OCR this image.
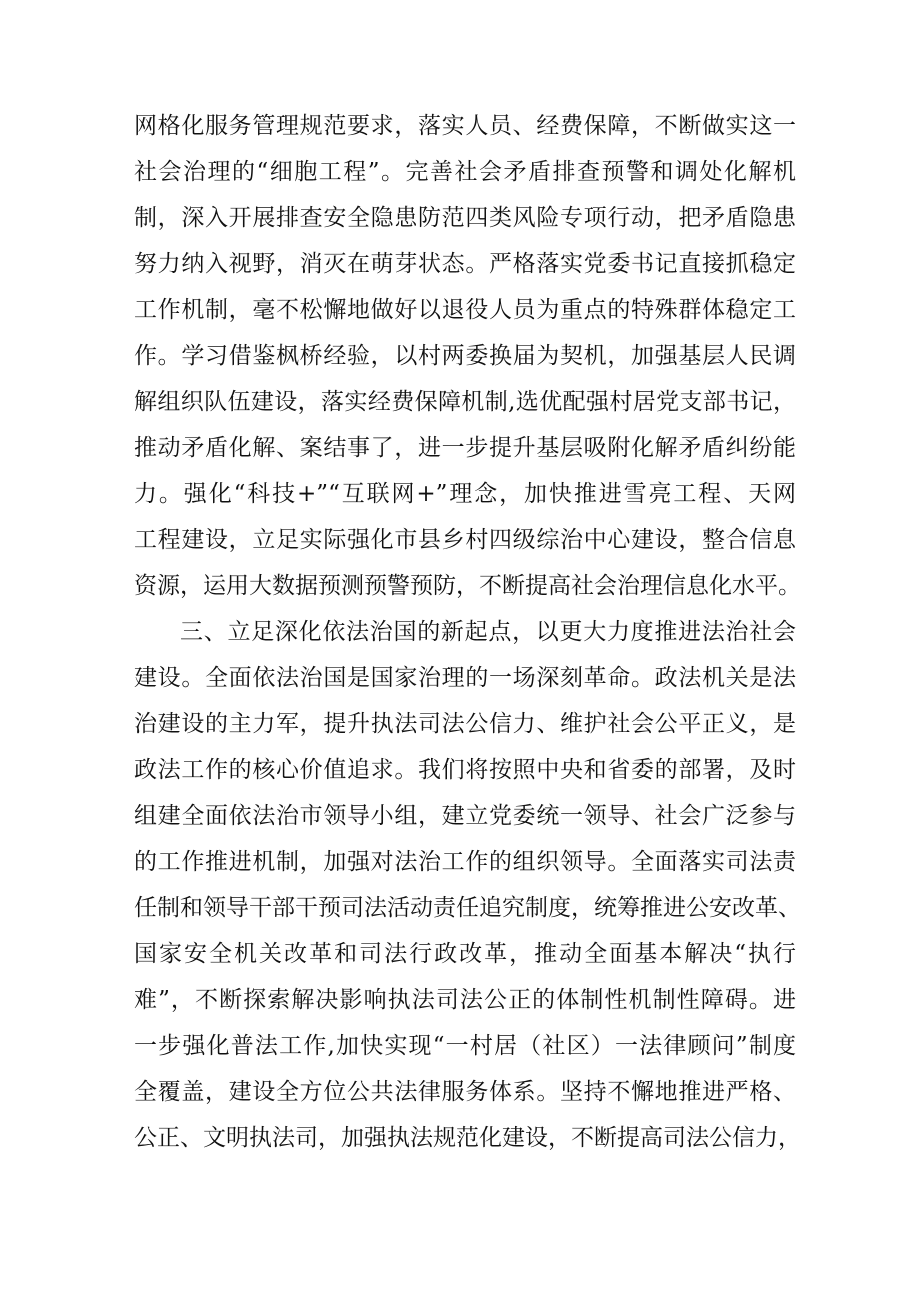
网格化服务管理规范要求，落实人员、经费保障，不断做实这一
社会治理的“细胞工程”。完善社会矛盾排查预警和调处化解机
制，深入开展排查安全隐患防范四类风险专项行动，把矛盾隐患
努力纳入视野，消灭在萌芽状态。严格落实党委书记直接抓稳定
工作机制，毫不松懈地做好以退役人员为重点的特殊群体稳定工
作。学习借鉴枫桥经验，以村两委换届为契机，加强基层人民调
解组织队伍建设，落实经费保障机制,选优配强村居党支部书记，
推动矛盾化解、案结事了，进一步提升基层吸附化解矛盾纠纷能
力。强化“科技+”“互联网+”理念，加快推进雪亮工程、天网
工程建设，立足实际强化市县乡村四级综治中心建设，整合信息
资源，运用大数据预测预警预防，不断提高社会治理信息化水平。
三、立足深化依法治国的新起点，以更大力度推进法治社会
建设。全面依法治国是国家治理的一场深刻革命。政法机关是法
治建设的主力军，提升执法司法公信力、维护社会公平正义，是
政法工作的核心价值追求。我们将按照中央和省委的部署，及时
组建全面依法治市领导小组，建立党委统一领导、社会广泛参与
的工作推进机制，加强对法治工作的组织领导。全面落实司法责
任制和领导干部干预司法活动责任追究制度，统筹推进公安改革、
国家安全机关改革和司法行政改革，推动全面基本解决“执行
难”，不断探索解决影响执法司法公正的体制性机制性障碍。进
一步强化普法工作,加快实现“一村居（社区）一法律顾问”制度
全覆盖，建设全方位公共法律服务体系。坚持不懈地推进严格、
公正、文明执法司，加强执法规范化建设，不断提高司法公信力，
